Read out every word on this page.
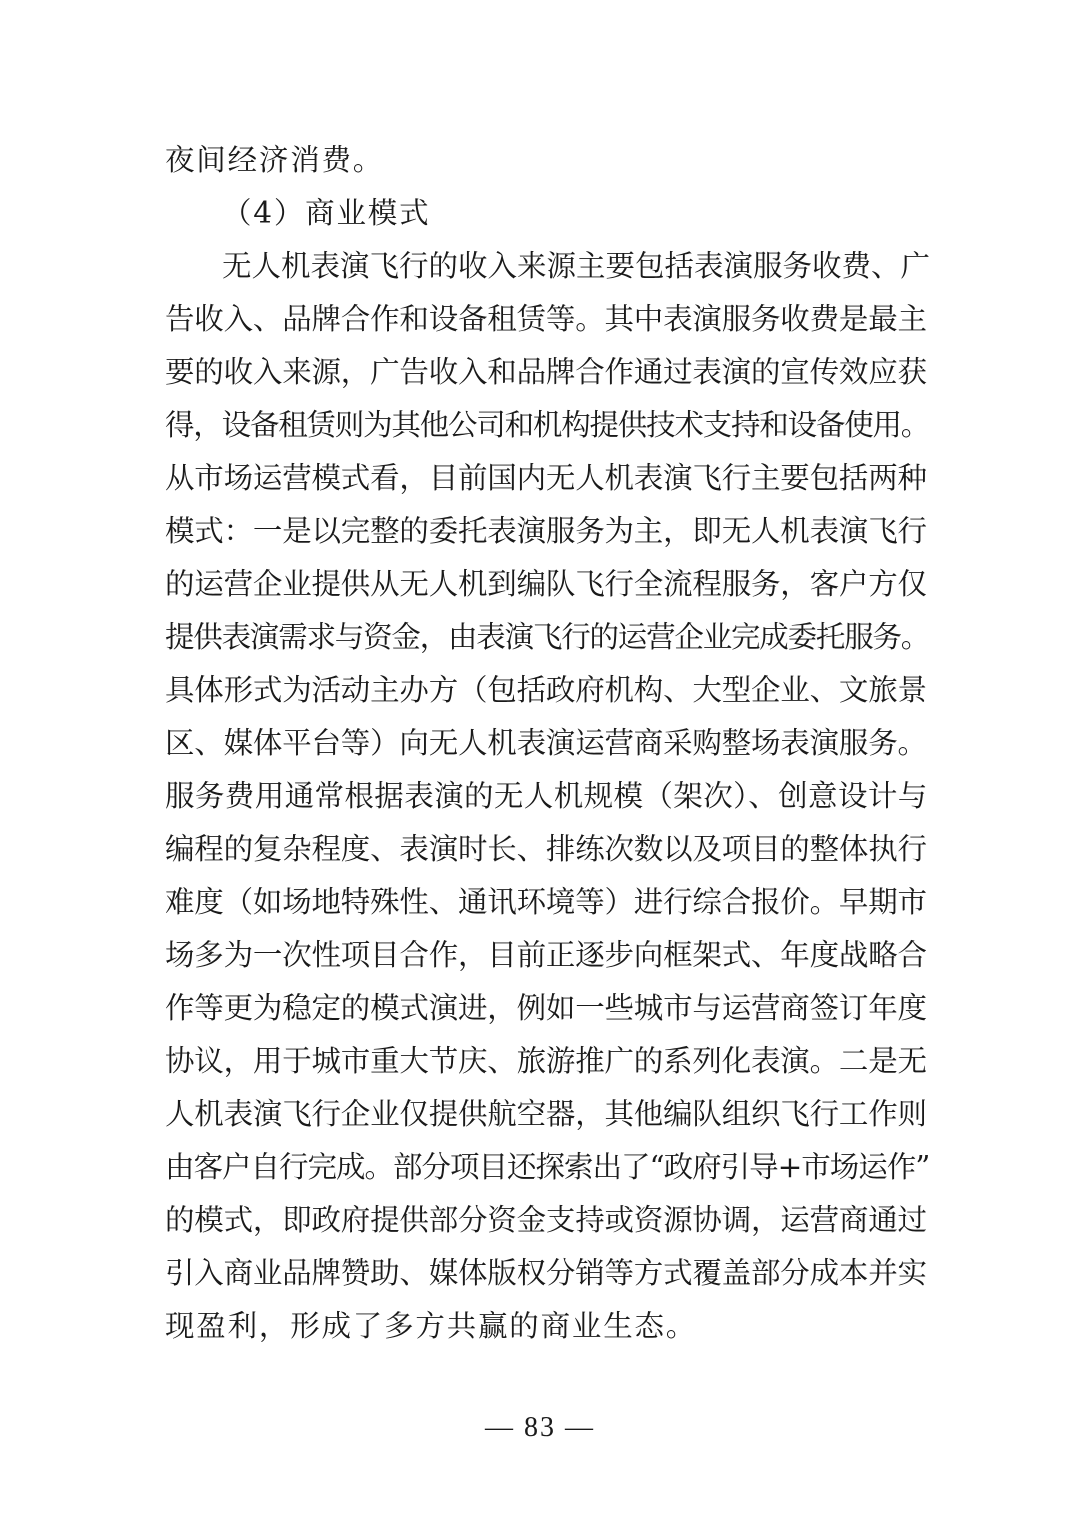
夜间经济消费。
（4）商业模式
无人机表演飞行的收入来源主要包括表演服务收费、广
告收入、品牌合作和设备租赁等。其中表演服务收费是最主
要的收入来源，广告收入和品牌合作通过表演的宣传效应获
得，设备租赁则为其他公司和机构提供技术支持和设备使用。
从市场运营模式看，目前国内无人机表演飞行主要包括两种
模式：一是以完整的委托表演服务为主，即无人机表演飞行
的运营企业提供从无人机到编队飞行全流程服务，客户方仅
提供表演需求与资金，由表演飞行的运营企业完成委托服务。
具体形式为活动主办方（包括政府机构、大型企业、文旅景
区、媒体平台等）向无人机表演运营商采购整场表演服务。
服务费用通常根据表演的无人机规模（架次）、创意设计与
编程的复杂程度、表演时长、排练次数以及项目的整体执行
难度（如场地特殊性、通讯环境等）进行综合报价。早期市
场多为一次性项目合作，目前正逐步向框架式、年度战略合
作等更为稳定的模式演进，例如一些城市与运营商签订年度
协议，用于城市重大节庆、旅游推广的系列化表演。二是无
人机表演飞行企业仅提供航空器，其他编队组织飞行工作则
由客户自行完成。部分项目还探索出了“政府引导+市场运作”
的模式，即政府提供部分资金支持或资源协调，运营商通过
引入商业品牌赞助、媒体版权分销等方式覆盖部分成本并实
现盈利，形成了多方共赢的商业生态。
— 83 —
